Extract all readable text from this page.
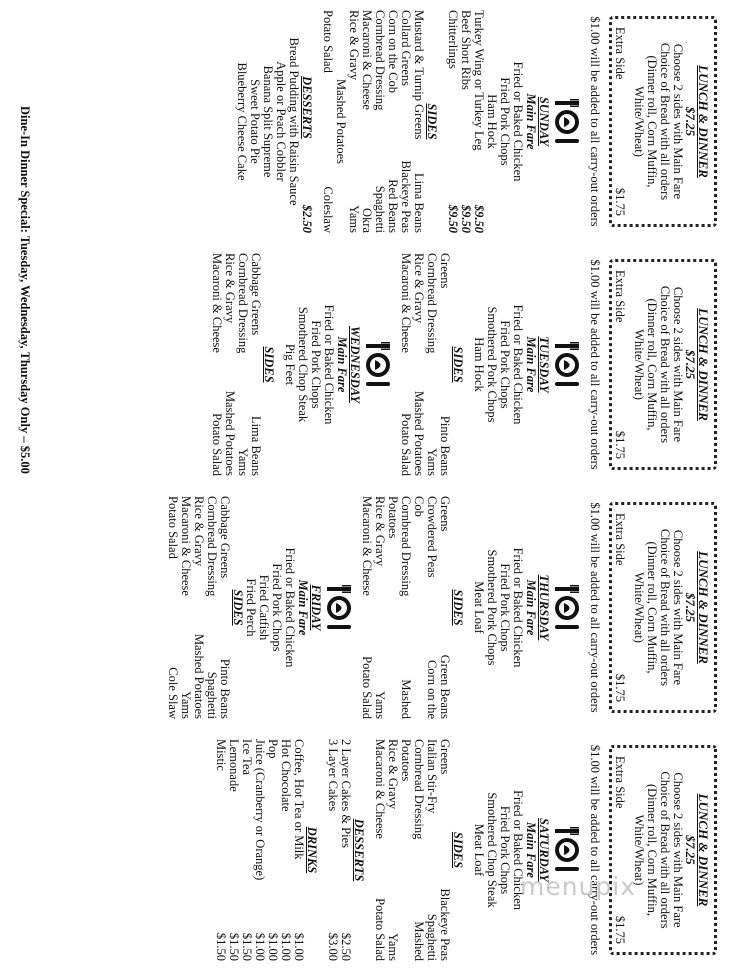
LUNCH & DINNER
$7.25
Choose 2 sides with Main Fare
Choice of Bread with all orders
(Dinner roll, Corn Muffin,
White/Wheat)
Extra Side
$1.75
$1.00 will be added to all carry-out orders
SUNDAY
Main Fare
Fried or Baked Chicken
Fried Pork Chops
Ham Hock
Turkey Wing or Turkey Leg
$9.50
Beef Short Ribs
$9.50
Chitterlings
$9.50
SIDES
Mustard & Turnip Greens
Lima Beans
Collard Greens
Blackeye Peas
Corn on the Cob
Red Beans
Cornbread Dressing
Spaghetti
Macaroni & Cheese
Okra
Rice & Gravy
Yams
Mashed Potatoes
Potato Salad
Coleslaw
DESSERTS
$2.50
Bread Pudding with Raisin Sauce
Apple or Peach Cobbler
Banana Split Supreme
Sweet Potato Pie
Blueberry Cheese Cake
LUNCH & DINNER
$7.25
Choose 2 sides with Main Fare
Choice of Bread with all orders
(Dinner roll, Corn Muffin,
White/Wheat)
Extra Side
$1.75
$1.00 will be added to all carry-out orders
TUESDAY
Main Fare
Fried or Baked Chicken
Fried Pork Chops
Smothered Pork Chops
Ham Hock
SIDES
Greens
Pinto Beans
Cornbread Dressing
Yams
Rice & Gravy
Mashed Potatoes
Macaroni & Cheese
Potato Salad
WEDNESDAY
Main Fare
Fried or Baked Chicken
Fried Pork Chops
Smothered Chop Steak
Pig Feet
SIDES
Cabbage Greens
Lima Beans
Cornbread Dressing
Yams
Rice & Gravy
Mashed Potatoes
Macaroni & Cheese
Potato Salad
LUNCH & DINNER
$7.25
Choose 2 sides with Main Fare
Choice of Bread with all orders
(Dinner roll, Corn Muffin,
White/Wheat)
Extra Side
$1.75
$1.00 will be added to all carry-out orders
THURSDAY
Main Fare
Fried or Baked Chicken
Fried Pork Chops
Smothered Pork Chops
Meat Loaf
SIDES
Greens
Green Beans
Crowdered Peas
Corn on the
Cob
Cornbread Dressing
Mashed
Potatoes
Rice & Gravy
Yams
Macaroni & Cheese
Potato Salad
FRIDAY
Main Fare
Fried or Baked Chicken
Fried Pork Chops
Fried Catfish
Fried Perch
SIDES
Cabbage Greens
Pinto Beans
Cornbread Dressing
Spaghetti
Rice & Gravy
Mashed Potatoes
Macaroni & Cheese
Yams
Potato Salad
Cole Slaw
LUNCH & DINNER
$7.25
Choose 2 sides with Main Fare
Choice of Bread with all orders
(Dinner roll, Corn Muffin,
White/Wheat)
Extra Side
$1.75
$1.00 will be added to all carry-out orders
SATURDAY
Main Fare
Fried or Baked Chicken
Fried Pork Chops
Smothered Chop Steak
Meat Loaf
SIDES
Greens
Blackeye Peas
Italian Stir-Fry
Spaghetti
Cornbread Dressing
Mashed
Potatoes
Rice & Gravy
Yams
Macaroni & Cheese
Potato Salad
DESSERTS
2 Layer Cakes & Pies
$2.50
3 Layer Cakes
$3.00
DRINKS
Coffee, Hot Tea or Milk
$1.00
Hot Chocolate
$1.00
Pop
$1.00
Juice (Cranberry or Orange)
$1.00
Ice Tea
$1.50
Lemonade
$1.50
Mistic
$1.50
Dine-In Dinner Special: Tuesday, Wednesday, Thursday Only – $5.00
menupix
